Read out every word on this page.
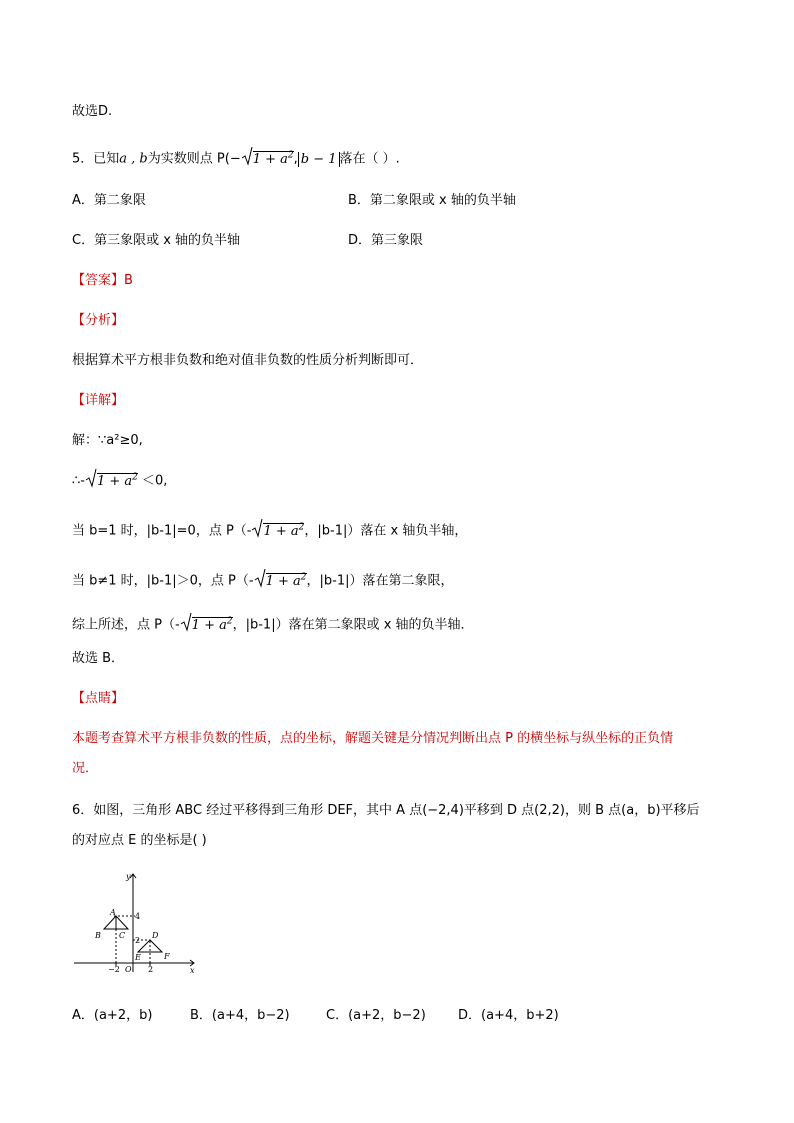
故选D.
5．已知a , b为实数则点 $P(- 1 + a^2$, b − 1 落在（ ）.
A．第二象限	B．第二象限或 x 轴的负半轴
C．第三象限或 x 轴的负半轴	D．第三象限
【答案】B
【分析】
根据算术平方根非负数和绝对值非负数的性质分析判断即可．
【详解】
解：∵a²≥0,
∴- $1 + a^2 <0$,
当 b=1 时，|b-1|=0，点 P（- $1 + a^2$，|b-1|）落在 x 轴负半轴，
当 b≠1 时，|b-1|＞0，点 P（- $1 + a^2$，|b-1|）落在第二象限，
综上所述，点 P（- $1 + a^2$，|b-1|）落在第二象限或 x 轴的负半轴．
故选 B．
【点睛】
本题考查算术平方根非负数的性质，点的坐标，解题关键是分情况判断出点 P 的横坐标与纵坐标的正负情
况．
6．如图，三角形 ABC 经过平移得到三角形 DEF，其中 A 点(−2,4)平移到 D 点(2,2)，则 B 点(a，b)平移后
的对应点 E 的坐标是( )
y
x
O
A
B C	D
E	F
4
2
−2	2
A．(a+2，b)	B．(a+4，b−2)	C．(a+2，b−2) D．(a+4，b+2)
